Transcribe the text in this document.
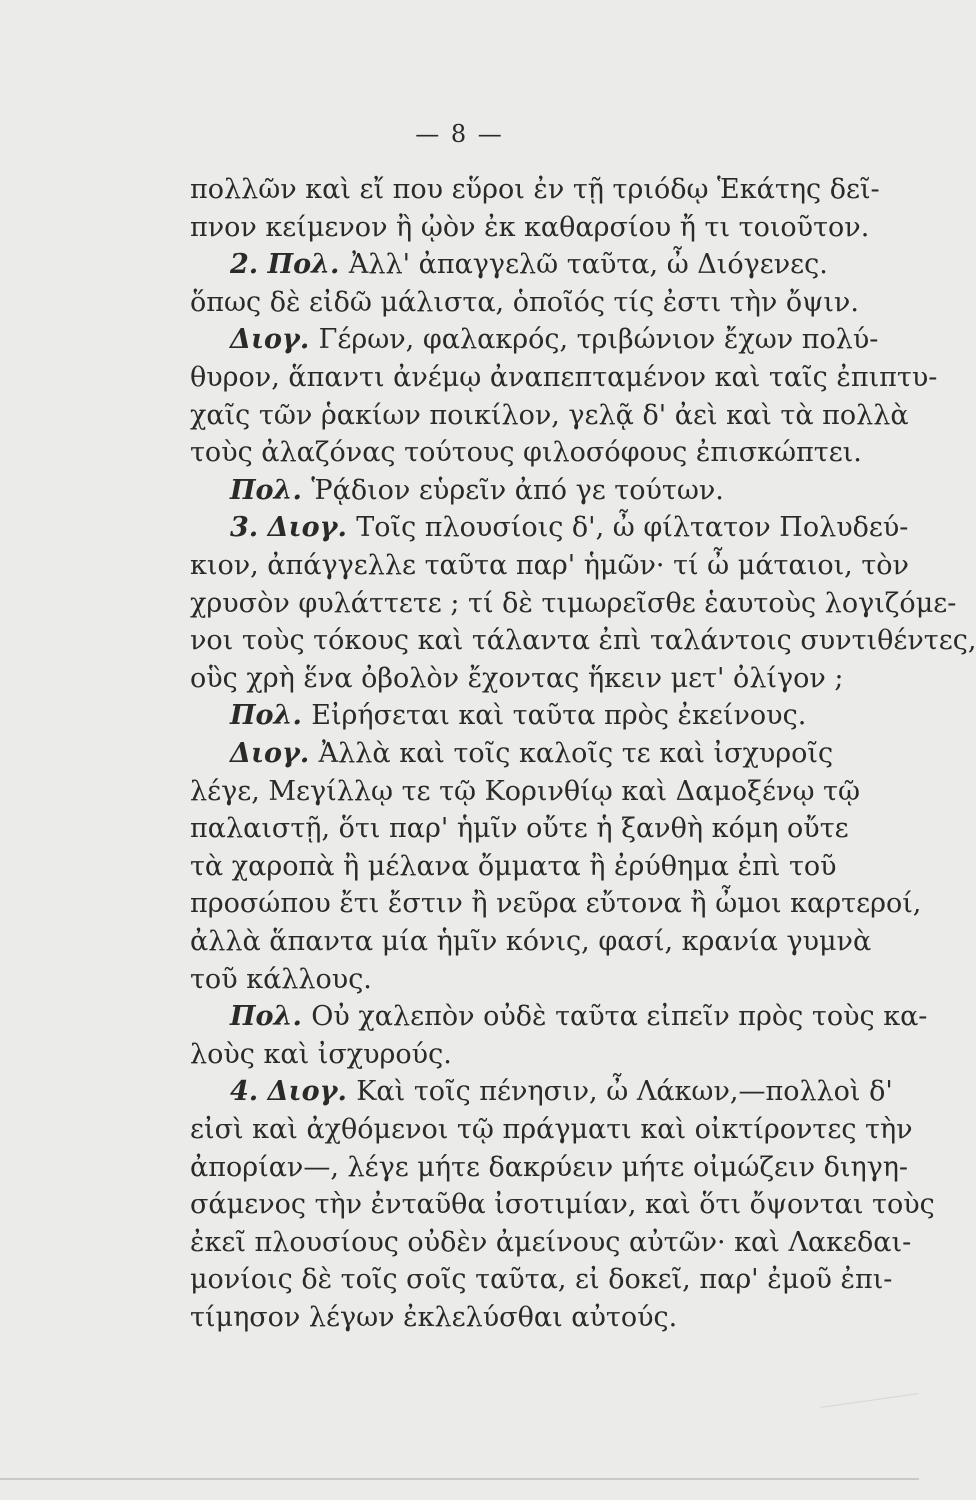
— 8 —
πολλῶν καὶ εἴ που εὕροι ἐν τῇ τριόδῳ Ἑκάτης δεῖ-
πνον κείμενον ἢ ᾠὸν ἐκ καθαρσίου ἤ τι τοιοῦτον.
2. Πολ. Ἀλλ' ἀπαγγελῶ ταῦτα, ὦ Διόγενες.
ὅπως δὲ εἰδῶ μάλιστα, ὁποῖός τίς ἐστι τὴν ὄψιν.
Διογ. Γέρων, φαλακρός, τριβώνιον ἔχων πολύ-
θυρον, ἅπαντι ἀνέμῳ ἀναπεπταμένον καὶ ταῖς ἐπιπτυ-
χαῖς τῶν ῥακίων ποικίλον, γελᾷ δ' ἀεὶ καὶ τὰ πολλὰ
τοὺς ἀλαζόνας τούτους φιλοσόφους ἐπισκώπτει.
Πολ. Ῥᾴδιον εὑρεῖν ἀπό γε τούτων.
3. Διογ. Τοῖς πλουσίοις δ', ὦ φίλτατον Πολυδεύ-
κιον, ἀπάγγελλε ταῦτα παρ' ἡμῶν· τί ὦ μάταιοι, τὸν
χρυσὸν φυλάττετε ; τί δὲ τιμωρεῖσθε ἑαυτοὺς λογιζόμε-
νοι τοὺς τόκους καὶ τάλαντα ἐπὶ ταλάντοις συντιθέντες,
οὓς χρὴ ἕνα ὀβολὸν ἔχοντας ἥκειν μετ' ὀλίγον ;
Πολ. Εἰρήσεται καὶ ταῦτα πρὸς ἐκείνους.
Διογ. Ἀλλὰ καὶ τοῖς καλοῖς τε καὶ ἰσχυροῖς
λέγε, Μεγίλλῳ τε τῷ Κορινθίῳ καὶ Δαμοξένῳ τῷ
παλαιστῇ, ὅτι παρ' ἡμῖν οὔτε ἡ ξανθὴ κόμη οὔτε
τὰ χαροπὰ ἢ μέλανα ὄμματα ἢ ἐρύθημα ἐπὶ τοῦ
προσώπου ἔτι ἔστιν ἢ νεῦρα εὔτονα ἢ ὦμοι καρτεροί,
ἀλλὰ ἅπαντα μία ἡμῖν κόνις, φασί, κρανία γυμνὰ
τοῦ κάλλους.
Πολ. Οὐ χαλεπὸν οὐδὲ ταῦτα εἰπεῖν πρὸς τοὺς κα-
λοὺς καὶ ἰσχυρούς.
4. Διογ. Καὶ τοῖς πένησιν, ὦ Λάκων,—πολλοὶ δ'
εἰσὶ καὶ ἀχθόμενοι τῷ πράγματι καὶ οἰκτίροντες τὴν
ἀπορίαν—, λέγε μήτε δακρύειν μήτε οἰμώζειν διηγη-
σάμενος τὴν ἐνταῦθα ἰσοτιμίαν, καὶ ὅτι ὄψονται τοὺς
ἐκεῖ πλουσίους οὐδὲν ἀμείνους αὐτῶν· καὶ Λακεδαι-
μονίοις δὲ τοῖς σοῖς ταῦτα, εἰ δοκεῖ, παρ' ἐμοῦ ἐπι-
τίμησον λέγων ἐκλελύσθαι αὐτούς.
